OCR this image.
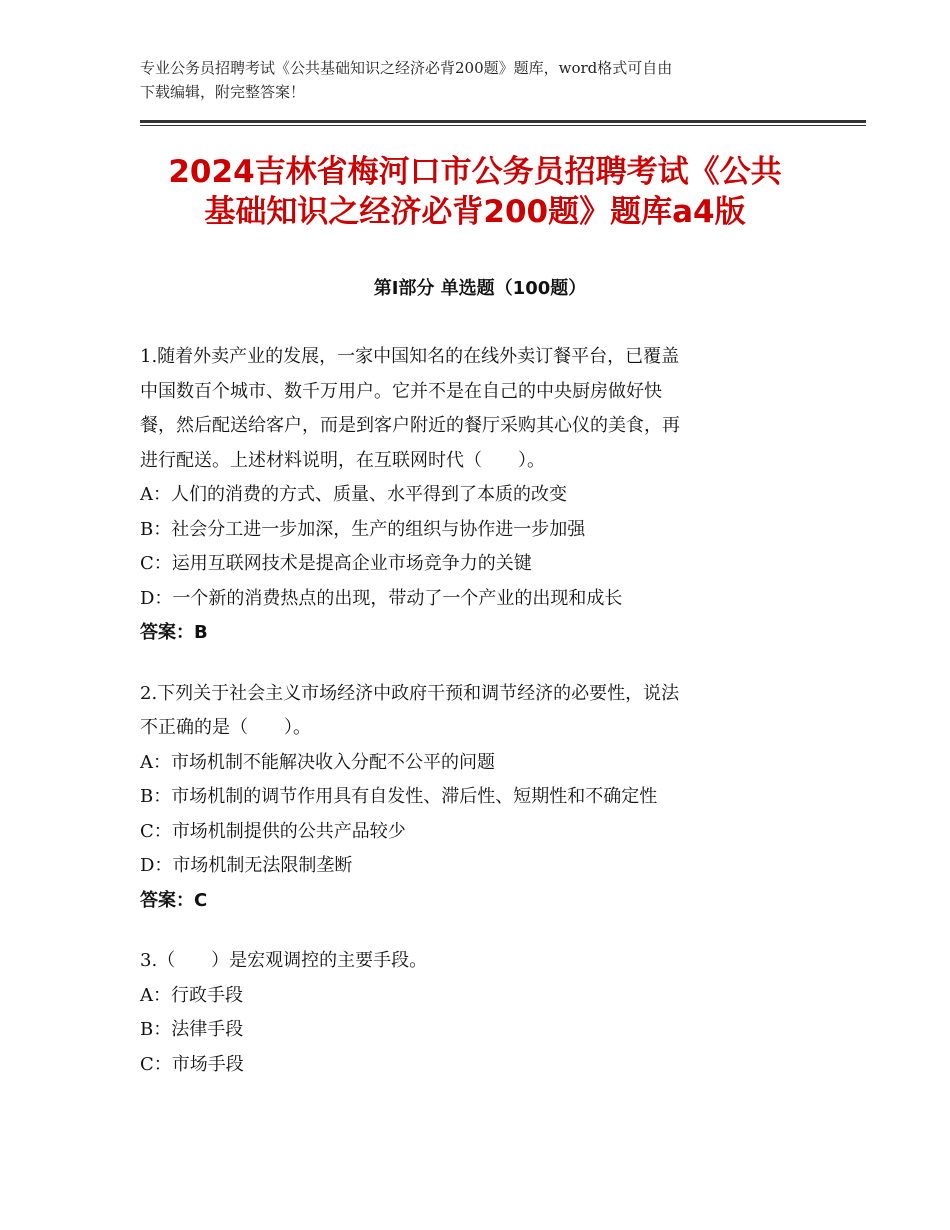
专业公务员招聘考试《公共基础知识之经济必背200题》题库，word格式可自由
下载编辑，附完整答案！
2024吉林省梅河口市公务员招聘考试《公共
基础知识之经济必背200题》题库a4版
第Ⅰ部分 单选题（100题）
1.随着外卖产业的发展，一家中国知名的在线外卖订餐平台，已覆盖
中国数百个城市、数千万用户。它并不是在自己的中央厨房做好快
餐，然后配送给客户，而是到客户附近的餐厅采购其心仪的美食，再
进行配送。上述材料说明，在互联网时代（　　）。
A：人们的消费的方式、质量、水平得到了本质的改变
B：社会分工进一步加深，生产的组织与协作进一步加强
C：运用互联网技术是提高企业市场竞争力的关键
D：一个新的消费热点的出现，带动了一个产业的出现和成长
答案：B
2.下列关于社会主义市场经济中政府干预和调节经济的必要性，说法
不正确的是（　　）。
A：市场机制不能解决收入分配不公平的问题
B：市场机制的调节作用具有自发性、滞后性、短期性和不确定性
C：市场机制提供的公共产品较少
D：市场机制无法限制垄断
答案：C
3.（　　）是宏观调控的主要手段。
A：行政手段
B：法律手段
C：市场手段
